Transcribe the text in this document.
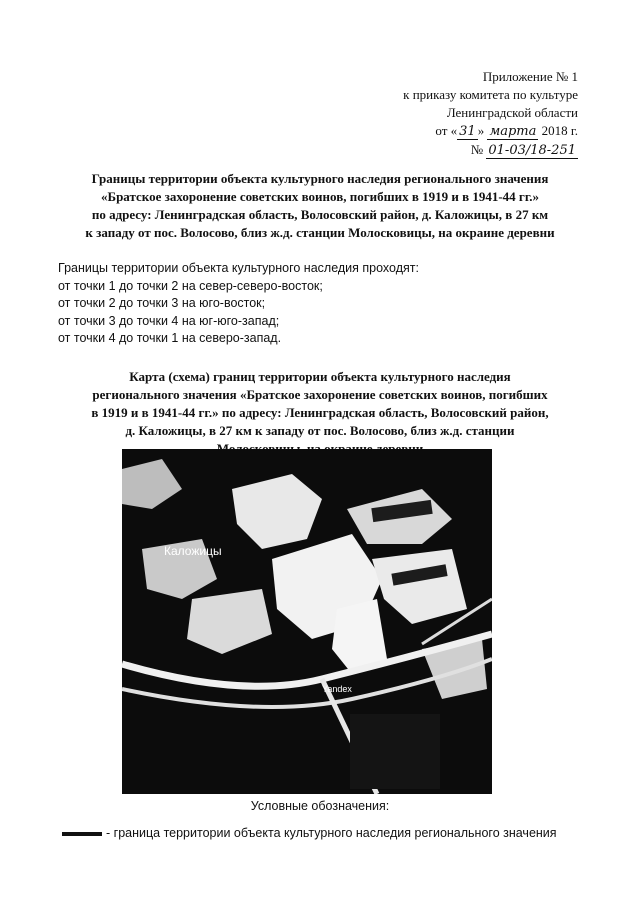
Приложение № 1
к приказу комитета по культуре
Ленинградской области
от « 31 » марта 2018 г.
№ 01-03/18-251
Границы территории объекта культурного наследия регионального значения
«Братское захоронение советских воинов, погибших в 1919 и в 1941-44 гг.»
по адресу: Ленинградская область, Волосовский район, д. Каложицы, в 27 км
к западу от пос. Волосово, близ ж.д. станции Молосковицы, на окраине деревни
Границы территории объекта культурного наследия проходят:
от точки 1 до точки 2 на север-северо-восток;
от точки 2 до точки 3 на юго-восток;
от точки 3 до точки 4 на юг-юго-запад;
от точки 4 до точки 1 на северо-запад.
Карта (схема) границ территории объекта культурного наследия
регионального значения «Братское захоронение советских воинов, погибших
в 1919 и в 1941-44 гг.» по адресу: Ленинградская область, Волосовский район,
д. Каложицы, в 27 км к западу от пос. Волосово, близ ж.д. станции
Каложицы
Yandex
Условные обозначения:
- граница территории объекта культурного наследия регионального значения
